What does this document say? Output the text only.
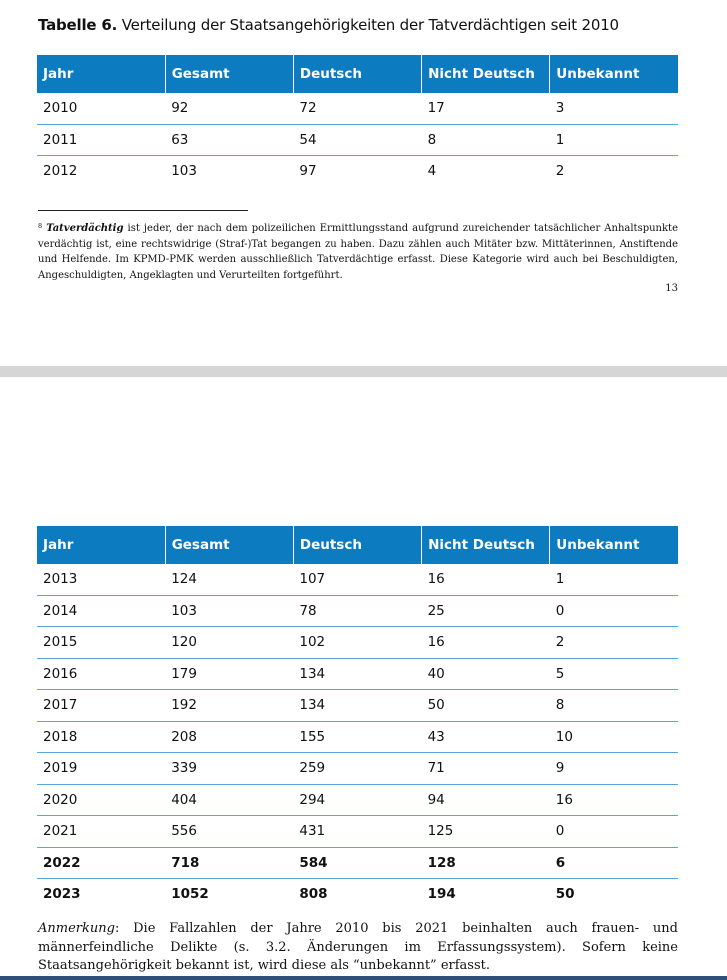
Tabelle 6. Verteilung der Staatsangehörigkeiten der Tatverdächtigen seit 2010
Jahr	Gesamt	Deutsch	Nicht Deutsch	Unbekannt
2010	92	72	17	3
2011	63	54	8	1
2012	103	97	4	2
$^8$ Tatverdächtig ist jeder, der nach dem polizeilichen Ermittlungsstand aufgrund zureichender tatsächlicher Anhaltspunkte verdächtig ist, eine rechtswidrige (Straf-)Tat begangen zu haben. Dazu zählen auch Mitäter bzw. Mittäterinnen, Anstiftende und Helfende. Im KPMD-PMK werden ausschließlich Tatverdächtige erfasst. Diese Kategorie wird auch bei Beschuldigten, Angeschuldigten, Angeklagten und Verurteilten fortgeführt.
13
Jahr	Gesamt	Deutsch	Nicht Deutsch	Unbekannt
2013	124	107	16	1
2014	103	78	25	0
2015	120	102	16	2
2016	179	134	40	5
2017	192	134	50	8
2018	208	155	43	10
2019	339	259	71	9
2020	404	294	94	16
2021	556	431	125	0
2022	718	584	128	6
2023	1052	808	194	50
Anmerkung: Die Fallzahlen der Jahre 2010 bis 2021 beinhalten auch frauen- und männerfeindliche Delikte (s. 3.2. Änderungen im Erfassungssystem). Sofern keine Staatsangehörigkeit bekannt ist, wird diese als “unbekannt” erfasst.
